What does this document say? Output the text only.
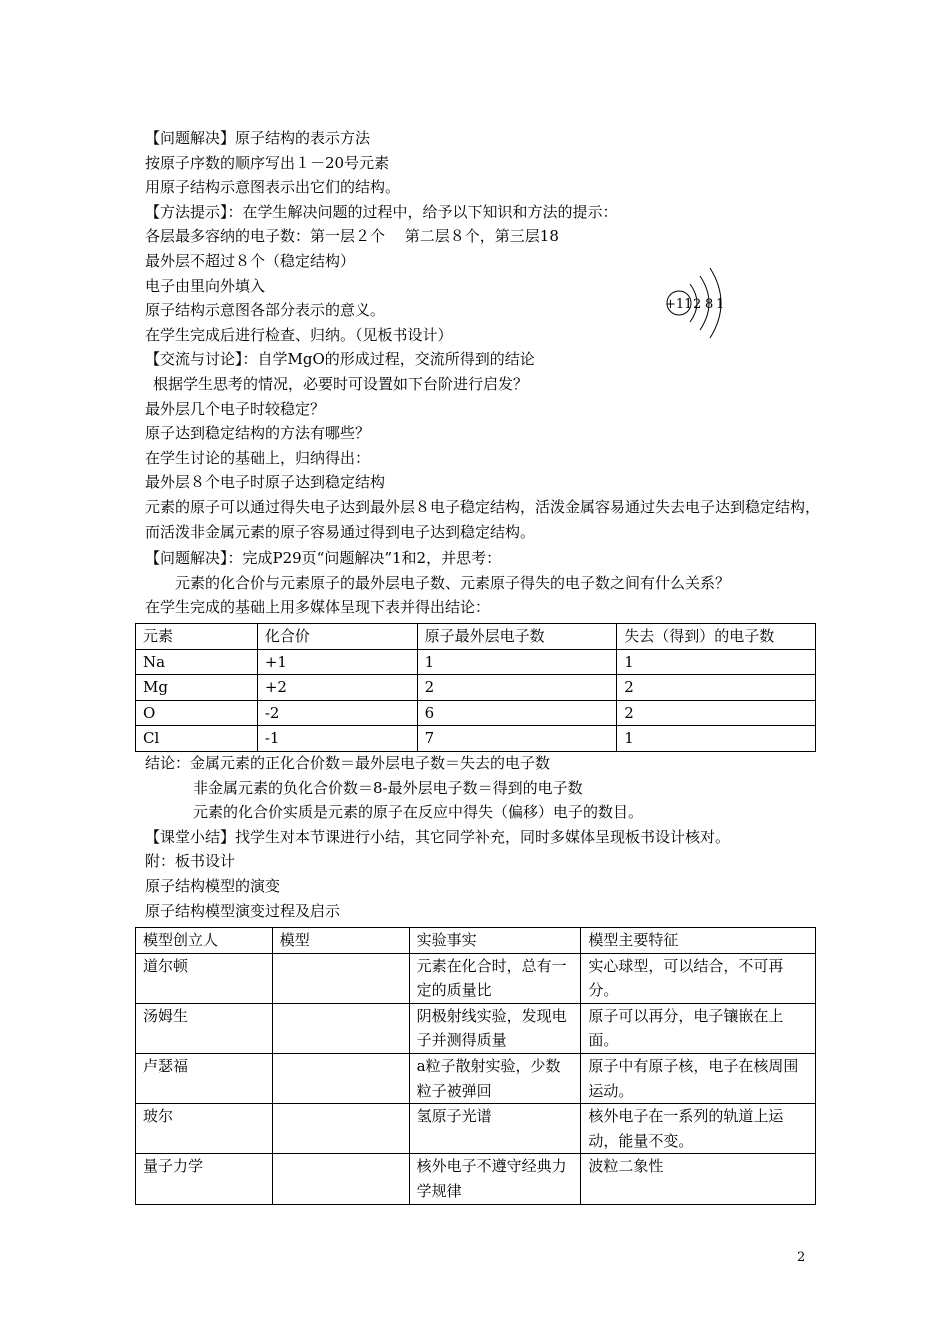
【问题解决】原子结构的表示方法
按原子序数的顺序写出１－20号元素
用原子结构示意图表示出它们的结构。
【方法提示】：在学生解决问题的过程中，给予以下知识和方法的提示：
各层最多容纳的电子数：第一层２个　 第二层８个，第三层18
最外层不超过８个（稳定结构）
电子由里向外填入
原子结构示意图各部分表示的意义。
在学生完成后进行检查、归纳。（见板书设计）
【交流与讨论】：自学MgO的形成过程，交流所得到的结论
根据学生思考的情况，必要时可设置如下台阶进行启发？
最外层几个电子时较稳定？
原子达到稳定结构的方法有哪些？
在学生讨论的基础上，归纳得出：
最外层８个电子时原子达到稳定结构
元素的原子可以通过得失电子达到最外层８电子稳定结构，活泼金属容易通过失去电子达到稳定结构，而活泼非金属元素的原子容易通过得到电子达到稳定结构。
【问题解决】：完成P29页“问题解决”1和2，并思考：
元素的化合价与元素原子的最外层电子数、元素原子得失的电子数之间有什么关系？
在学生完成的基础上用多媒体呈现下表并得出结论：
+11 2 8 1
元素	化合价	原子最外层电子数	失去（得到）的电子数
Na	+1	1	1
Mg	+2	2	2
O	-2	6	2
Cl	-1	7	1
结论：金属元素的正化合价数＝最外层电子数＝失去的电子数
非金属元素的负化合价数＝8-最外层电子数＝得到的电子数
元素的化合价实质是元素的原子在反应中得失（偏移）电子的数目。
【课堂小结】找学生对本节课进行小结，其它同学补充，同时多媒体呈现板书设计核对。
附：板书设计
原子结构模型的演变
原子结构模型演变过程及启示
模型创立人	模型	实验事实	模型主要特征
道尔顿		元素在化合时，总有一定的质量比	实心球型，可以结合，不可再分。
汤姆生		阴极射线实验，发现电子并测得质量	原子可以再分，电子镶嵌在上面。
卢瑟福		a粒子散射实验，少数粒子被弹回	原子中有原子核，电子在核周围运动。
玻尔		氢原子光谱	核外电子在一系列的轨道上运动，能量不变。
量子力学		核外电子不遵守经典力学规律	波粒二象性
2
